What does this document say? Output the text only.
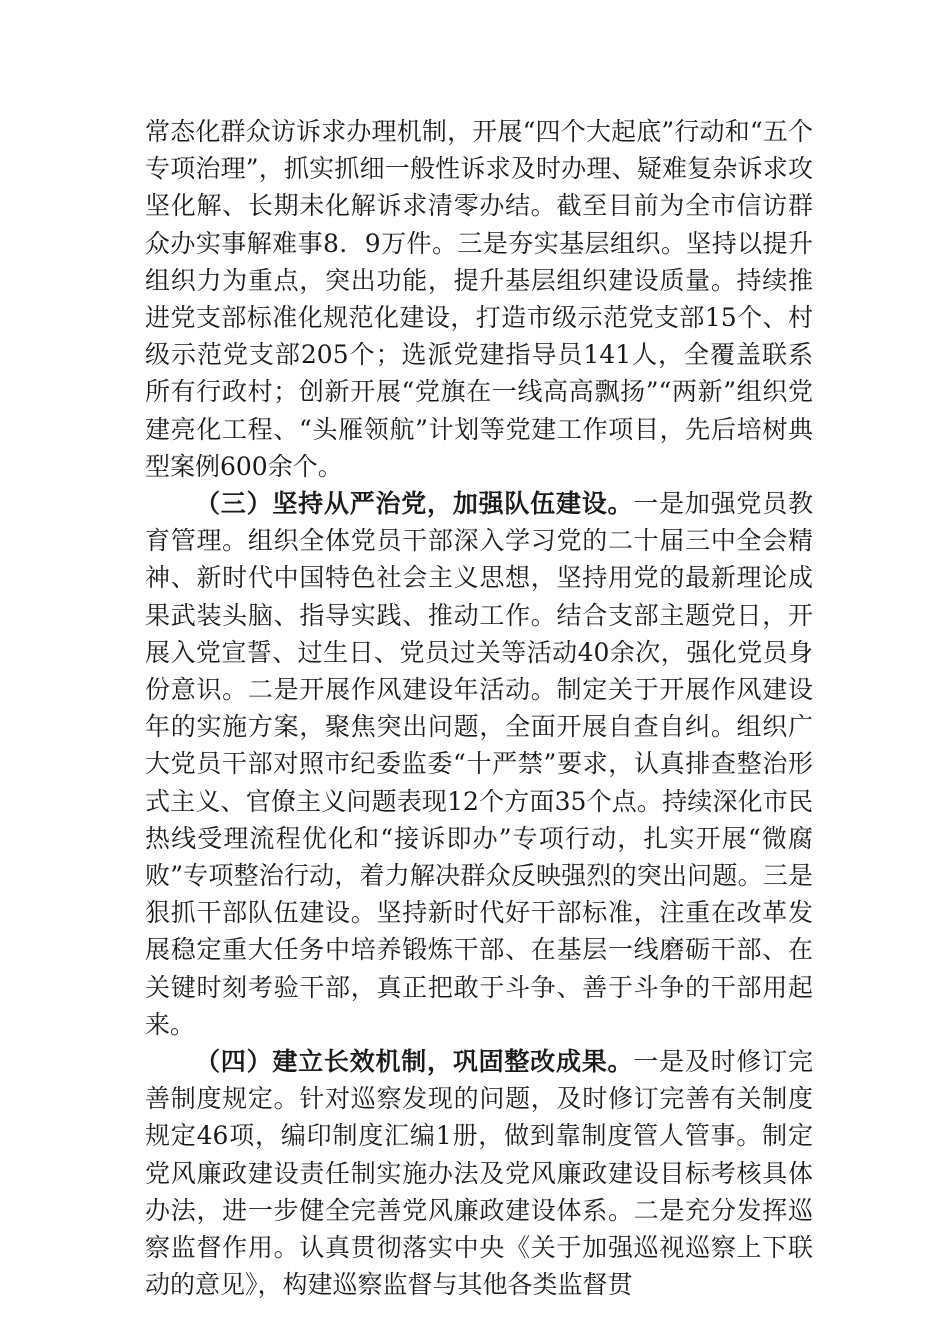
常态化群众访诉求办理机制，开展“四个大起底”行动和“五个专项治理”，抓实抓细一般性诉求及时办理、疑难复杂诉求攻坚化解、长期未化解诉求清零办结。截至目前为全市信访群众办实事解难事8．9万件。三是夯实基层组织。坚持以提升组织力为重点，突出功能，提升基层组织建设质量。持续推进党支部标准化规范化建设，打造市级示范党支部15个、村级示范党支部205个；选派党建指导员141人，全覆盖联系所有行政村；创新开展“党旗在一线高高飘扬”“两新”组织党建亮化工程、“头雁领航”计划等党建工作项目，先后培树典型案例600余个。

（三）坚持从严治党，加强队伍建设。一是加强党员教育管理。组织全体党员干部深入学习党的二十届三中全会精神、新时代中国特色社会主义思想，坚持用党的最新理论成果武装头脑、指导实践、推动工作。结合支部主题党日，开展入党宣誓、过生日、党员过关等活动40余次，强化党员身份意识。二是开展作风建设年活动。制定关于开展作风建设年的实施方案，聚焦突出问题，全面开展自查自纠。组织广大党员干部对照市纪委监委“十严禁”要求，认真排查整治形式主义、官僚主义问题表现12个方面35个点。持续深化市民热线受理流程优化和“接诉即办”专项行动，扎实开展“微腐败”专项整治行动，着力解决群众反映强烈的突出问题。三是狠抓干部队伍建设。坚持新时代好干部标准，注重在改革发展稳定重大任务中培养锻炼干部、在基层一线磨砺干部、在关键时刻考验干部，真正把敢于斗争、善于斗争的干部用起来。

（四）建立长效机制，巩固整改成果。一是及时修订完善制度规定。针对巡察发现的问题，及时修订完善有关制度规定46项，编印制度汇编1册，做到靠制度管人管事。制定党风廉政建设责任制实施办法及党风廉政建设目标考核具体办法，进一步健全完善党风廉政建设体系。二是充分发挥巡察监督作用。认真贯彻落实中央《关于加强巡视巡察上下联动的意见》，构建巡察监督与其他各类监督贯
